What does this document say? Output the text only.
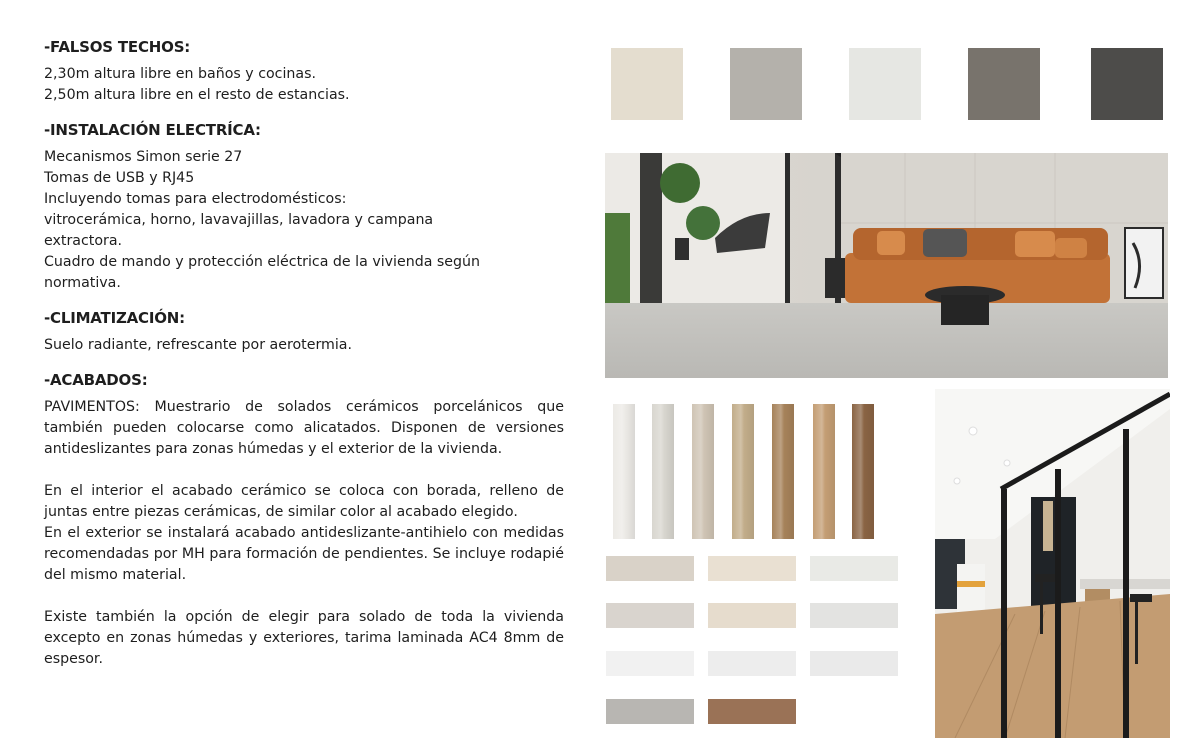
-FALSOS TECHOS:
2,30m altura libre en baños y cocinas.
2,50m altura libre en el resto de estancias.
-INSTALACIÓN ELECTRÍCA:
Mecanismos Simon serie 27
Tomas de USB y RJ45
Incluyendo tomas para electrodomésticos:
vitrocerámica, horno, lavavajillas, lavadora y campana
extractora.
Cuadro de mando y protección eléctrica de la vivienda según
normativa.
-CLIMATIZACIÓN:
Suelo radiante, refrescante por aerotermia.
-ACABADOS:
PAVIMENTOS: Muestrario de solados cerámicos porcelánicos que también pueden colocarse como alicatados. Disponen de versiones antideslizantes para zonas húmedas y el exterior de la vivienda.
En el interior el acabado cerámico se coloca con borada, relleno de juntas entre piezas cerámicas, de similar color al acabado elegido.
En el exterior se instalará acabado antideslizante-antihielo con medidas recomendadas por MH para formación de pendientes. Se incluye rodapié del mismo material.
Existe también la opción de elegir para solado de toda la vivienda excepto en zonas húmedas y exteriores, tarima laminada AC4 8mm de espesor.
